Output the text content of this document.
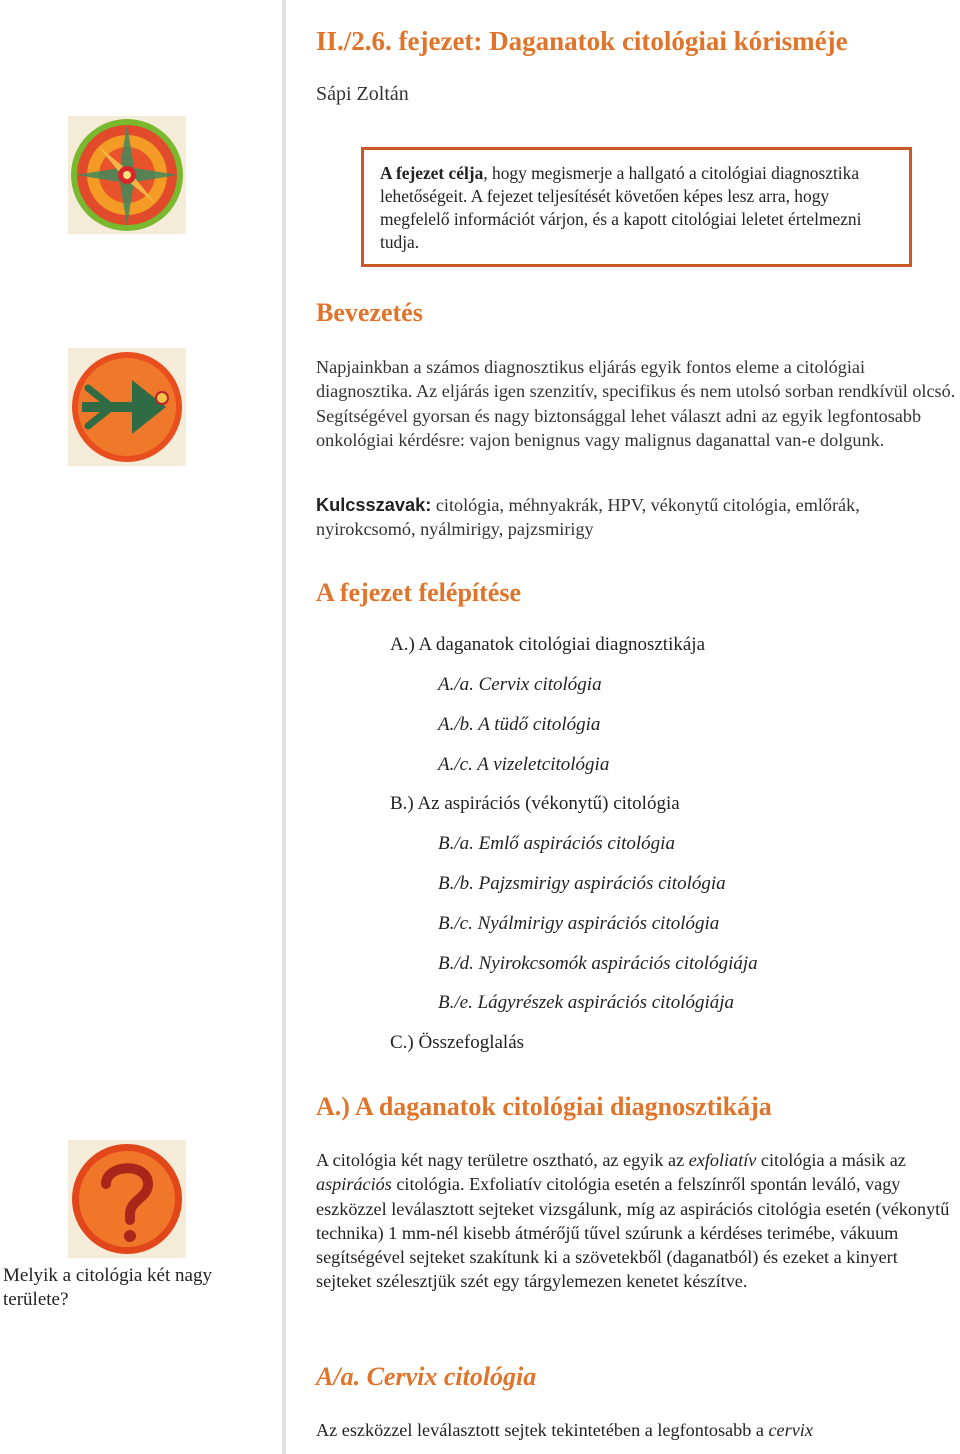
II./2.6. fejezet: Daganatok citológiai kórisméje
Sápi Zoltán
A fejezet célja, hogy megismerje a hallgató a citológiai diagnosztika lehetőségeit. A fejezet teljesítését követően képes lesz arra, hogy megfelelő információt várjon, és a kapott citológiai leletet értelmezni tudja.
Bevezetés
Napjainkban a számos diagnosztikus eljárás egyik fontos eleme a citológiai diagnosztika. Az eljárás igen szenzitív, specifikus és nem utolsó sorban rendkívül olcsó. Segítségével gyorsan és nagy biztonsággal lehet választ adni az egyik legfontosabb onkológiai kérdésre: vajon benignus vagy malignus daganattal van-e dolgunk.
Kulcsszavak: citológia, méhnyakrák, HPV, vékonytű citológia, emlőrák, nyirokcsomó, nyálmirigy, pajzsmirigy
A fejezet felépítése
A.) A daganatok citológiai diagnosztikája
A./a. Cervix citológia
A./b. A tüdő citológia
A./c. A vizeletcitológia
B.) Az aspirációs (vékonytű) citológia
B./a. Emlő aspirációs citológia
B./b. Pajzsmirigy aspirációs citológia
B./c. Nyálmirigy aspirációs citológia
B./d. Nyirokcsomók aspirációs citológiája
B./e. Lágyrészek aspirációs citológiája
C.) Összefoglalás
A.) A daganatok citológiai diagnosztikája
Melyik a citológia két nagy területe?
A citológia két nagy területre osztható, az egyik az exfoliatív citológia a másik az aspirációs citológia. Exfoliatív citológia esetén a felszínről spontán leváló, vagy eszközzel leválasztott sejteket vizsgálunk, míg az aspirációs citológia esetén (vékonytű technika) 1 mm-nél kisebb átmérőjű tűvel szúrunk a kérdéses terimébe, vákuum segítségével sejteket szakítunk ki a szövetekből (daganatból) és ezeket a kinyert sejteket szélesztjük szét egy tárgylemezen kenetet készítve.
A/a. Cervix citológia
Az eszközzel leválasztott sejtek tekintetében a legfontosabb a cervix
